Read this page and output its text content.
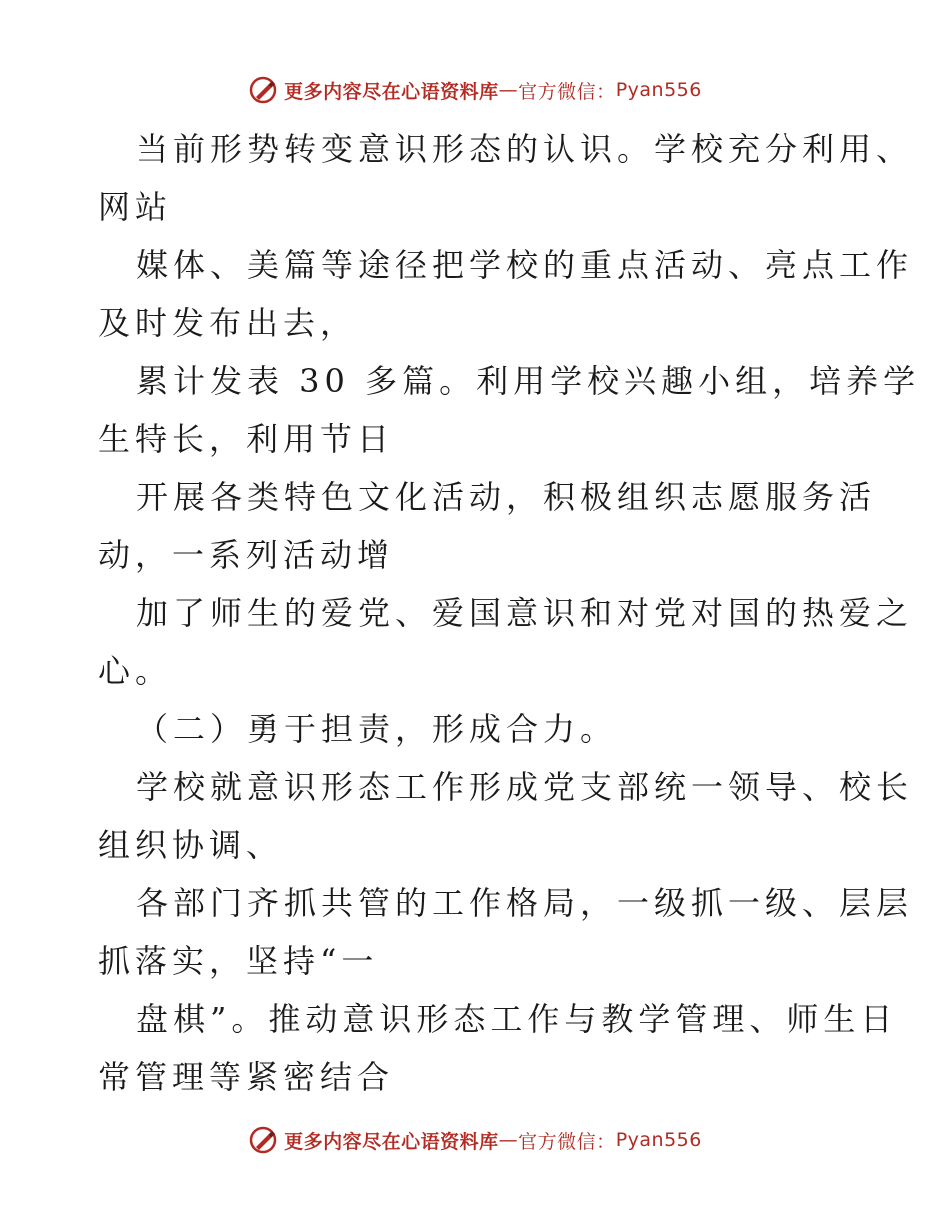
更多内容尽在心语资料库 — 官方微信 ： Pyan556
当前形势转变意识形态的认识。学校充分利用、
网站
媒体、美篇等途径把学校的重点活动、亮点工作
及时发布出去，
累计发表 30 多篇。利用学校兴趣小组，培养学
生特长，利用节日
开展各类特色文化活动，积极组织志愿服务活
动，一系列活动增
加了师生的爱党、爱国意识和对党对国的热爱之
心。
（二）勇于担责，形成合力。
学校就意识形态工作形成党支部统一领导、校长
组织协调、
各部门齐抓共管的工作格局，一级抓一级、层层
抓落实，坚持“一
盘棋”。推动意识形态工作与教学管理、师生日
常管理等紧密结合
更多内容尽在心语资料库 — 官方微信 ： Pyan556
